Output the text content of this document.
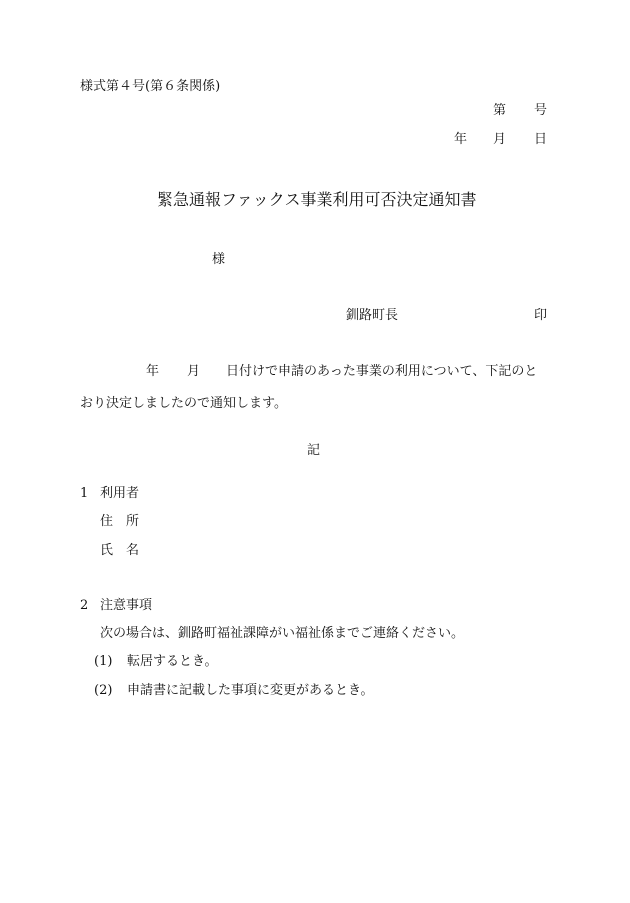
様式第４号(第６条関係)
第 号
年 月 日
緊急通報ファックス事業利用可否決定通知書
様
釧路町長	印
年 月 日付けで申請のあった事業の利用について、下記のと
おり決定しましたので通知します。
記
1 利用者
住　所
氏　名
2 注意事項
次の場合は、釧路町福祉課障がい福祉係までご連絡ください。
(1) 転居するとき。
(2) 申請書に記載した事項に変更があるとき。
